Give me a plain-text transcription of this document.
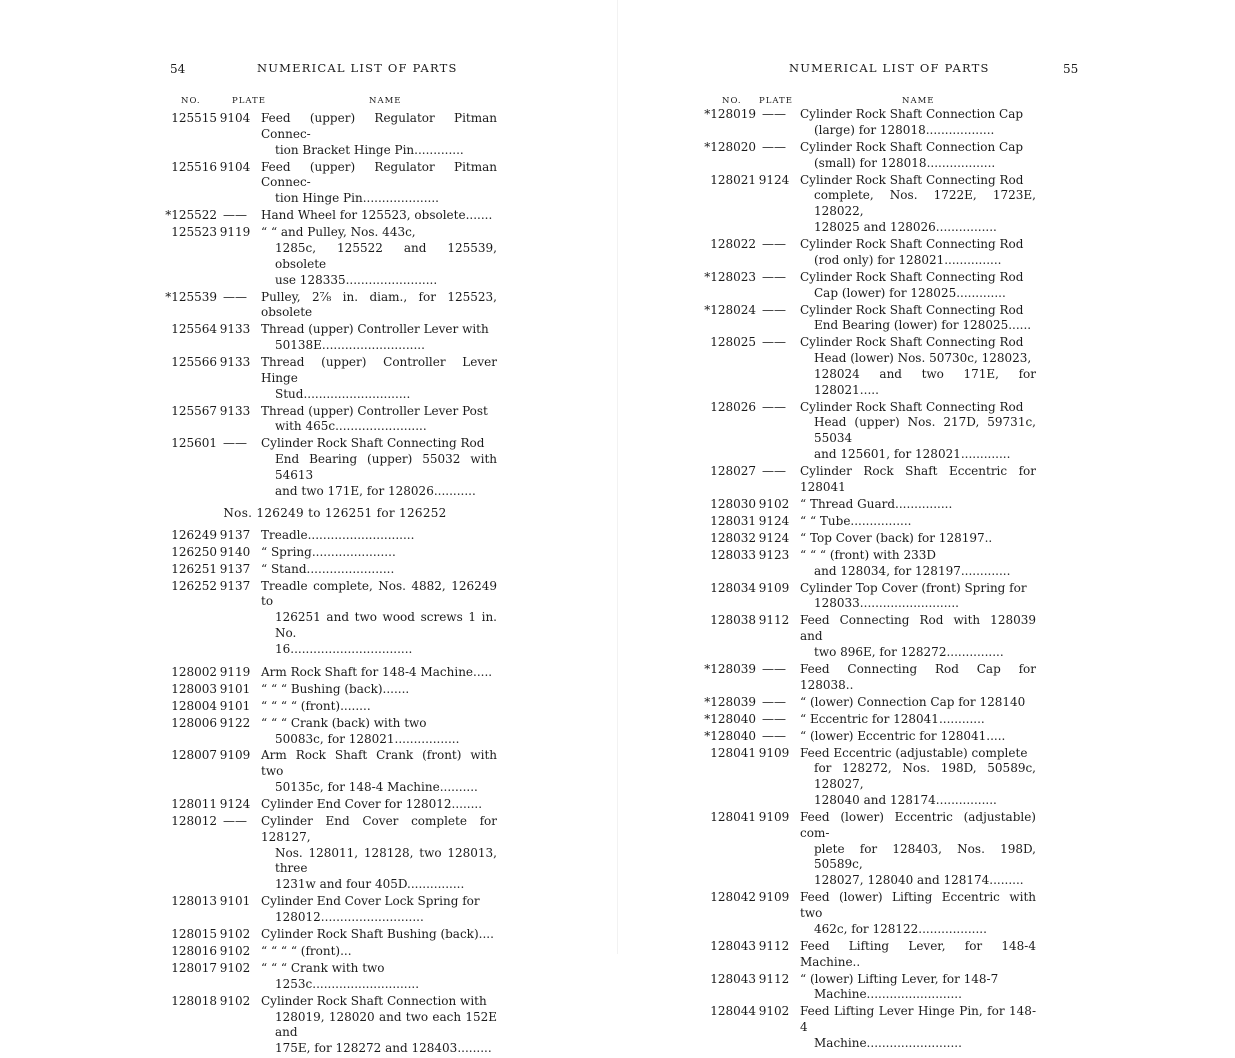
54	NUMERICAL LIST OF PARTS
NO.	PLATE	NAME
125515 9104 Feed (upper) Regulator Pitman Connec-
tion Bracket Hinge Pin.............
125516 9104 Feed (upper) Regulator Pitman Connec-
tion Hinge Pin....................
*125522 ——	Hand Wheel for 125523, obsolete.......
125523 9119 “ “ and Pulley, Nos. 443c,
1285c, 125522 and 125539, obsolete
use 128335........................
*125539 ——	Pulley, 2⅞ in. diam., for 125523, obsolete
125564 9133 Thread (upper) Controller Lever with
50138E...........................
125566 9133 Thread (upper) Controller Lever Hinge
Stud............................
125567 9133 Thread (upper) Controller Lever Post
with 465c........................
125601 ——	Cylinder Rock Shaft Connecting Rod
End Bearing (upper) 55032 with 54613
and two 171E, for 128026...........
Nos. 126249 to 126251 for 126252
126249 9137 Treadle............................
126250 9140 “ Spring......................
126251 9137 “ Stand.......................
126252 9137 Treadle complete, Nos. 4882, 126249 to
126251 and two wood screws 1 in. No.
16................................
128002 9119 Arm Rock Shaft for 148-4 Machine.....
128003 9101 “ “ “ Bushing (back).......
128004 9101 “ “ “ “ (front)........
128006 9122 “ “ “ Crank (back) with two
50083c, for 128021.................
128007 9109 Arm Rock Shaft Crank (front) with two
50135c, for 148-4 Machine..........
128011 9124 Cylinder End Cover for 128012........
128012 ——	Cylinder End Cover complete for 128127,
Nos. 128011, 128128, two 128013, three
1231w and four 405D...............
128013 9101 Cylinder End Cover Lock Spring for
128012...........................
128015 9102 Cylinder Rock Shaft Bushing (back)....
128016 9102 “ “ “ “ (front)...
128017 9102 “ “ “ Crank with two
1253c............................
128018 9102 Cylinder Rock Shaft Connection with
128019, 128020 and two each 152E and
175E, for 128272 and 128403.........
NUMERICAL LIST OF PARTS	55
NO. PLATE	NAME
*128019 ——	Cylinder Rock Shaft Connection Cap
(large) for 128018..................
*128020 ——	Cylinder Rock Shaft Connection Cap
(small) for 128018..................
128021 9124 Cylinder Rock Shaft Connecting Rod
complete, Nos. 1722E, 1723E, 128022,
128025 and 128026................
128022 ——	Cylinder Rock Shaft Connecting Rod
(rod only) for 128021...............
*128023 ——	Cylinder Rock Shaft Connecting Rod
Cap (lower) for 128025.............
*128024 ——	Cylinder Rock Shaft Connecting Rod
End Bearing (lower) for 128025......
128025 ——	Cylinder Rock Shaft Connecting Rod
Head (lower) Nos. 50730c, 128023,
128024 and two 171E, for 128021.....
128026 ——	Cylinder Rock Shaft Connecting Rod
Head (upper) Nos. 217D, 59731c, 55034
and 125601, for 128021.............
128027 ——	Cylinder Rock Shaft Eccentric for 128041
128030 9102 “ Thread Guard...............
128031 9124 “ “ Tube................
128032 9124 “ Top Cover (back) for 128197..
128033 9123 “ “ “ (front) with 233D
and 128034, for 128197.............
128034 9109 Cylinder Top Cover (front) Spring for
128033..........................
128038 9112 Feed Connecting Rod with 128039 and
two 896E, for 128272...............
*128039 ——	Feed Connecting Rod Cap for 128038..
*128039 ——	“ (lower) Connection Cap for 128140
*128040 ——	“ Eccentric for 128041............
*128040 ——	“ (lower) Eccentric for 128041.....
128041 9109 Feed Eccentric (adjustable) complete
for 128272, Nos. 198D, 50589c, 128027,
128040 and 128174................
128041 9109 Feed (lower) Eccentric (adjustable) com-
plete for 128403, Nos. 198D, 50589c,
128027, 128040 and 128174.........
128042 9109 Feed (lower) Lifting Eccentric with two
462c, for 128122..................
128043 9112 Feed Lifting Lever, for 148-4 Machine..
128043 9112 “ (lower) Lifting Lever, for 148-7
Machine.........................
128044 9102 Feed Lifting Lever Hinge Pin, for 148-4
Machine.........................
